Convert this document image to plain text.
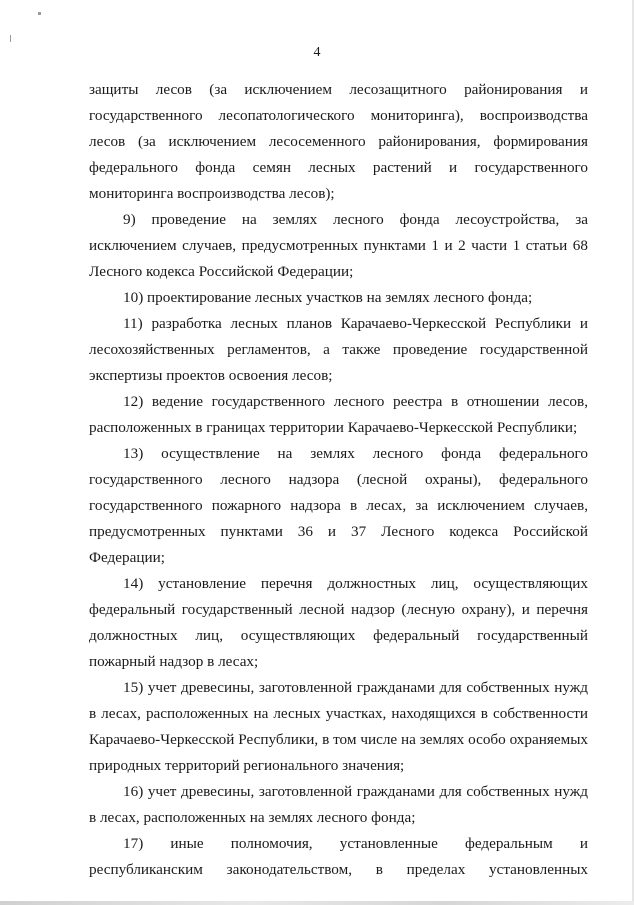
4

защиты лесов (за исключением лесозащитного районирования и государственного лесопатологического мониторинга), воспроизводства лесов (за исключением лесосеменного районирования, формирования федерального фонда семян лесных растений и государственного мониторинга воспроизводства лесов);

9) проведение на землях лесного фонда лесоустройства, за исключением случаев, предусмотренных пунктами 1 и 2 части 1 статьи 68 Лесного кодекса Российской Федерации;

10) проектирование лесных участков на землях лесного фонда;

11) разработка лесных планов Карачаево-Черкесской Республики и лесохозяйственных регламентов, а также проведение государственной экспертизы проектов освоения лесов;

12) ведение государственного лесного реестра в отношении лесов, расположенных в границах территории Карачаево-Черкесской Республики;

13) осуществление на землях лесного фонда федерального государственного лесного надзора (лесной охраны), федерального государственного пожарного надзора в лесах, за исключением случаев, предусмотренных пунктами 36 и 37 Лесного кодекса Российской Федерации;

14) установление перечня должностных лиц, осуществляющих федеральный государственный лесной надзор (лесную охрану), и перечня должностных лиц, осуществляющих федеральный государственный пожарный надзор в лесах;

15) учет древесины, заготовленной гражданами для собственных нужд в лесах, расположенных на лесных участках, находящихся в собственности Карачаево-Черкесской Республики, в том числе на землях особо охраняемых природных территорий регионального значения;

16) учет древесины, заготовленной гражданами для собственных нужд в лесах, расположенных на землях лесного фонда;

17) иные полномочия, установленные федеральным и республиканским законодательством, в пределах установленных
